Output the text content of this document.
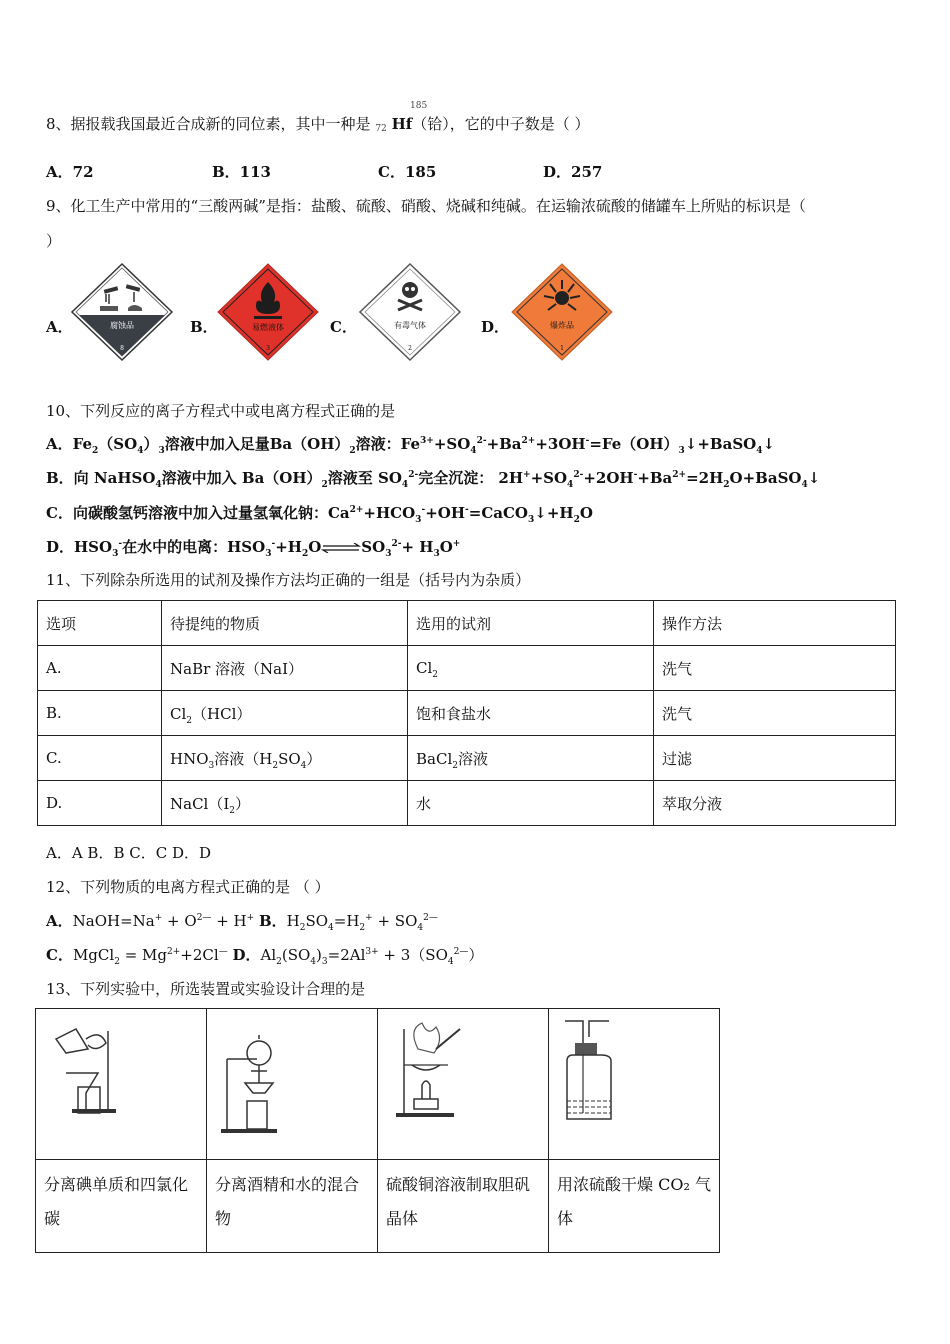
185
8、据报载我国最近合成新的同位素，其中一种是 72 Hf（铪），它的中子数是（ ）
A．72	B．113	C．185	D．257
9、化工生产中常用的“三酸两碱”是指：盐酸、硫酸、硝酸、烧碱和纯碱。在运输浓硫酸的储罐车上所贴的标识是（
）
A．	B．	C．	D．
腐蚀品
8
易燃液体
3
有毒气体
2
爆炸品
1
10、下列反应的离子方程式中或电离方程式正确的是
A．$Fe_2(SO_4)_3$溶液中加入足量$Ba(OH)_2$溶液：$Fe^{3+}+SO_4^{2-}+Ba^{2+}+3OH^-=Fe(OH)_3↓+BaSO_4↓$
B．向 NaHSO$_4$溶液中加入 $Ba(OH)_2$溶液至 $SO_4^{2-}$完全沉淀： $2H^++SO_4^{2-}+2OH^-+Ba^{2+}=2H_2O+BaSO_4↓$
C．向碳酸氢钙溶液中加入过量氢氧化钠：$Ca^{2+}+HCO_3^-+OH^-=CaCO_3↓+H_2O$
D．$HSO_3^-$在水中的电离：$HSO_3^-+H_2O\rightleftharpoons SO_3^{2-}+ H_3O^+$
11、下列除杂所选用的试剂及操作方法均正确的一组是（括号内为杂质）
选项	待提纯的物质	选用的试剂	操作方法
A.	NaBr 溶液（NaI）	$Cl_2$	洗气
B.	$Cl_2(HCl)$	饱和食盐水	洗气
C.	$HNO_3$溶液$(H_2SO_4)$	BaCl$_2$溶液	过滤
D.	$NaCl(I_2)$	水	萃取分液
A．A B．B C．C D．D
12、下列物质的电离方程式正确的是 （ ）
A．NaOH=Na+ + $O^{2—} + H^+$ B．$H_2SO_4=H_2^+ + SO_4^{2—}$
C．MgCl$_2$ = $Mg^{2+}+2Cl^—$ D．$Al_2(SO_4)_3=2Al^{3+} + 3(SO_4^{2—})$
13、下列实验中，所选装置或实验设计合理的是

分离碘单质和四氯化碳	分离酒精和水的混合物	硫酸铜溶液制取胆矾晶体	用浓硫酸干燥 CO₂ 气体
